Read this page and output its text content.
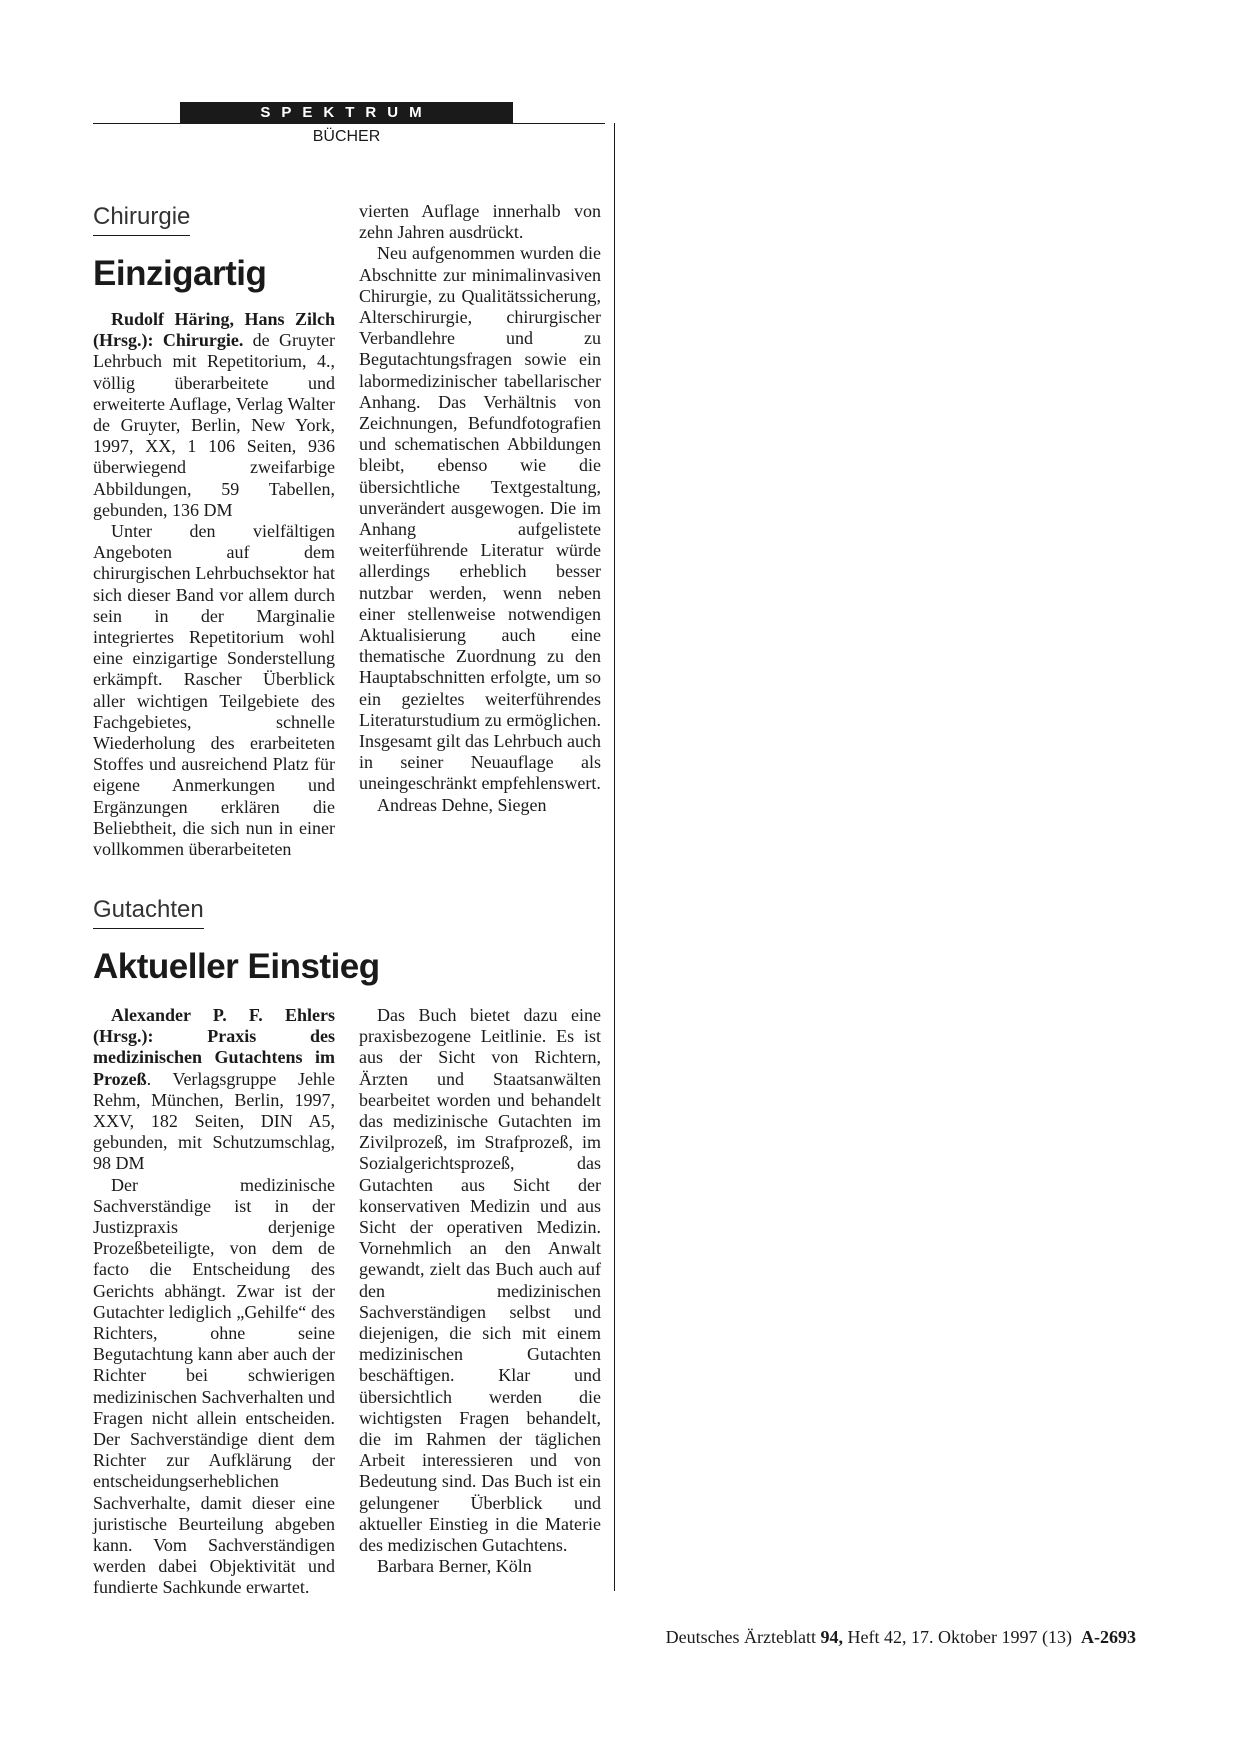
SPEKTRUM
BÜCHER
Chirurgie
Einzigartig

Rudolf Häring, Hans Zilch (Hrsg.): Chirurgie. de Gruyter Lehrbuch mit Repetitorium, 4., völlig überarbeitete und erweiterte Auflage, Verlag Walter de Gruyter, Berlin, New York, 1997, XX, 1 106 Seiten, 936 überwiegend zweifarbige Abbildungen, 59 Tabellen, gebunden, 136 DM

Unter den vielfältigen Angeboten auf dem chirurgischen Lehrbuchsektor hat sich dieser Band vor allem durch sein in der Marginalie integriertes Repetitorium wohl eine einzigartige Sonderstellung erkämpft. Rascher Überblick aller wichtigen Teilgebiete des Fachgebietes, schnelle Wiederholung des erarbeiteten Stoffes und ausreichend Platz für eigene Anmerkungen und Ergänzungen erklären die Beliebtheit, die sich nun in einer vollkommen überarbeiteten

vierten Auflage innerhalb von zehn Jahren ausdrückt.

Neu aufgenommen wurden die Abschnitte zur minimalinvasiven Chirurgie, zu Qualitätssicherung, Alterschirurgie, chirurgischer Verbandlehre und zu Begutachtungsfragen sowie ein labormedizinischer tabellarischer Anhang. Das Verhältnis von Zeichnungen, Befundfotografien und schematischen Abbildungen bleibt, ebenso wie die übersichtliche Textgestaltung, unverändert ausgewogen. Die im Anhang aufgelistete weiterführende Literatur würde allerdings erheblich besser nutzbar werden, wenn neben einer stellenweise notwendigen Aktualisierung auch eine thematische Zuordnung zu den Hauptabschnitten erfolgte, um so ein gezieltes weiterführendes Literaturstudium zu ermöglichen. Insgesamt gilt das Lehrbuch auch in seiner Neuauflage als uneingeschränkt empfehlenswert.

Andreas Dehne, Siegen

Gutachten
Aktueller Einstieg

Alexander P. F. Ehlers (Hrsg.): Praxis des medizinischen Gutachtens im Prozeß. Verlagsgruppe Jehle Rehm, München, Berlin, 1997, XXV, 182 Seiten, DIN A5, gebunden, mit Schutzumschlag, 98 DM

Der medizinische Sachverständige ist in der Justizpraxis derjenige Prozeßbeteiligte, von dem de facto die Entscheidung des Gerichts abhängt. Zwar ist der Gutachter lediglich „Gehilfe“ des Richters, ohne seine Begutachtung kann aber auch der Richter bei schwierigen medizinischen Sachverhalten und Fragen nicht allein entscheiden. Der Sachverständige dient dem Richter zur Aufklärung der entscheidungserheblichen Sachverhalte, damit dieser eine juristische Beurteilung abgeben kann. Vom Sachverständigen werden dabei Objektivität und fundierte Sachkunde erwartet.

Das Buch bietet dazu eine praxisbezogene Leitlinie. Es ist aus der Sicht von Richtern, Ärzten und Staatsanwälten bearbeitet worden und behandelt das medizinische Gutachten im Zivilprozeß, im Strafprozeß, im Sozialgerichtsprozeß, das Gutachten aus Sicht der konservativen Medizin und aus Sicht der operativen Medizin. Vornehmlich an den Anwalt gewandt, zielt das Buch auch auf den medizinischen Sachverständigen selbst und diejenigen, die sich mit einem medizinischen Gutachten beschäftigen. Klar und übersichtlich werden die wichtigsten Fragen behandelt, die im Rahmen der täglichen Arbeit interessieren und von Bedeutung sind. Das Buch ist ein gelungener Überblick und aktueller Einstieg in die Materie des medizischen Gutachtens.

Barbara Berner, Köln

Deutsches Ärzteblatt 94, Heft 42, 17. Oktober 1997 (13) A-2693
